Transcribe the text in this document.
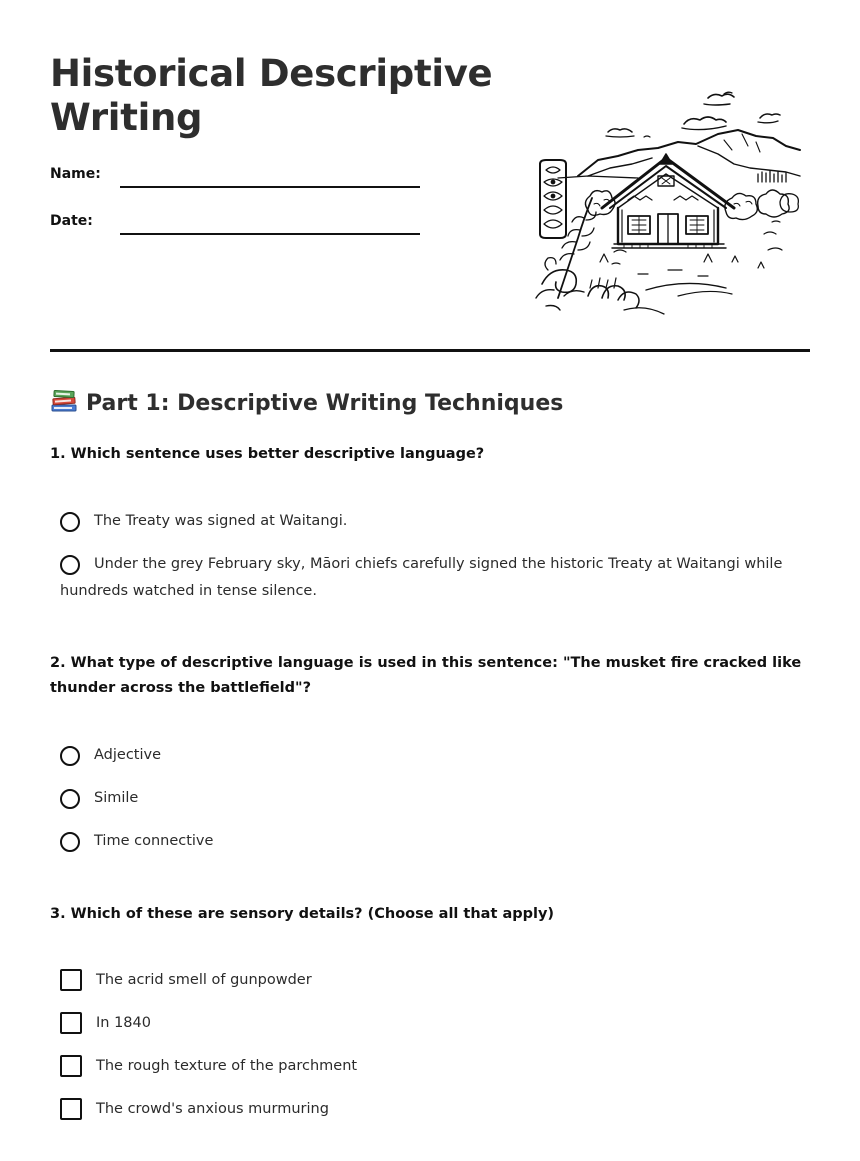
Historical Descriptive Writing
Name:
Date:
Part 1: Descriptive Writing Techniques

1. Which sentence uses better descriptive language?

The Treaty was signed at Waitangi.
Under the grey February sky, Māori chiefs carefully signed the historic Treaty at Waitangi while hundreds watched in tense silence.

2. What type of descriptive language is used in this sentence: "The musket fire cracked like thunder across the battlefield"?

Adjective
Simile
Time connective

3. Which of these are sensory details? (Choose all that apply)

The acrid smell of gunpowder
In 1840
The rough texture of the parchment
The crowd's anxious murmuring
